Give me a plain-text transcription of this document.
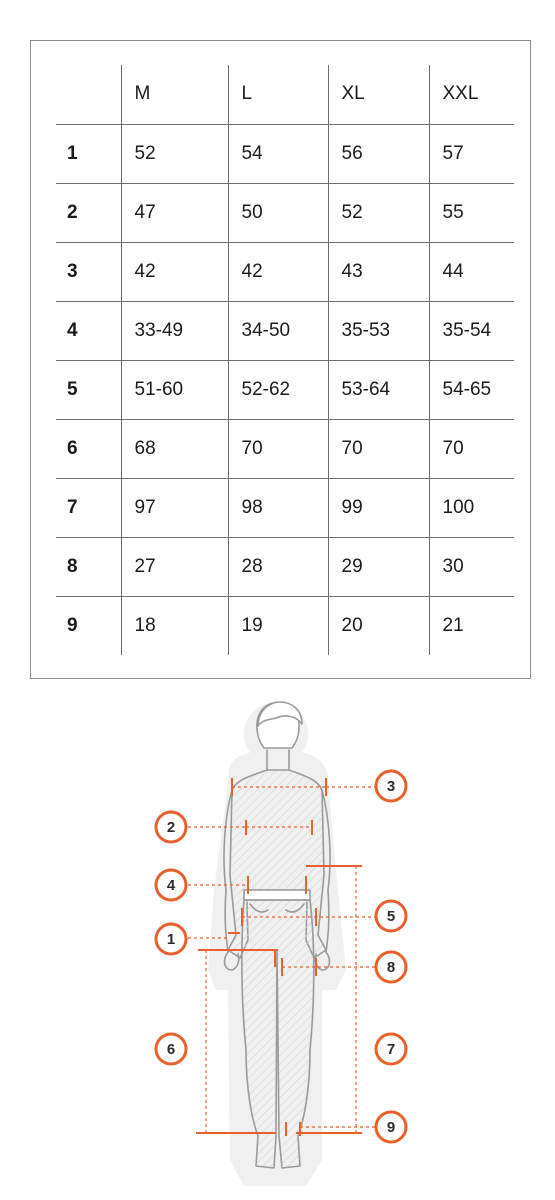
	M	L	XL	XXL
1	52	54	56	57
2	47	50	52	55
3	42	42	43	44
4	33-49	34-50	35-53	35-54
5	51-60	52-62	53-64	54-65
6	68	70	70	70
7	97	98	99	100
8	27	28	29	30
9	18	19	20	21
3
2
4
5
1
8
6	7
9
